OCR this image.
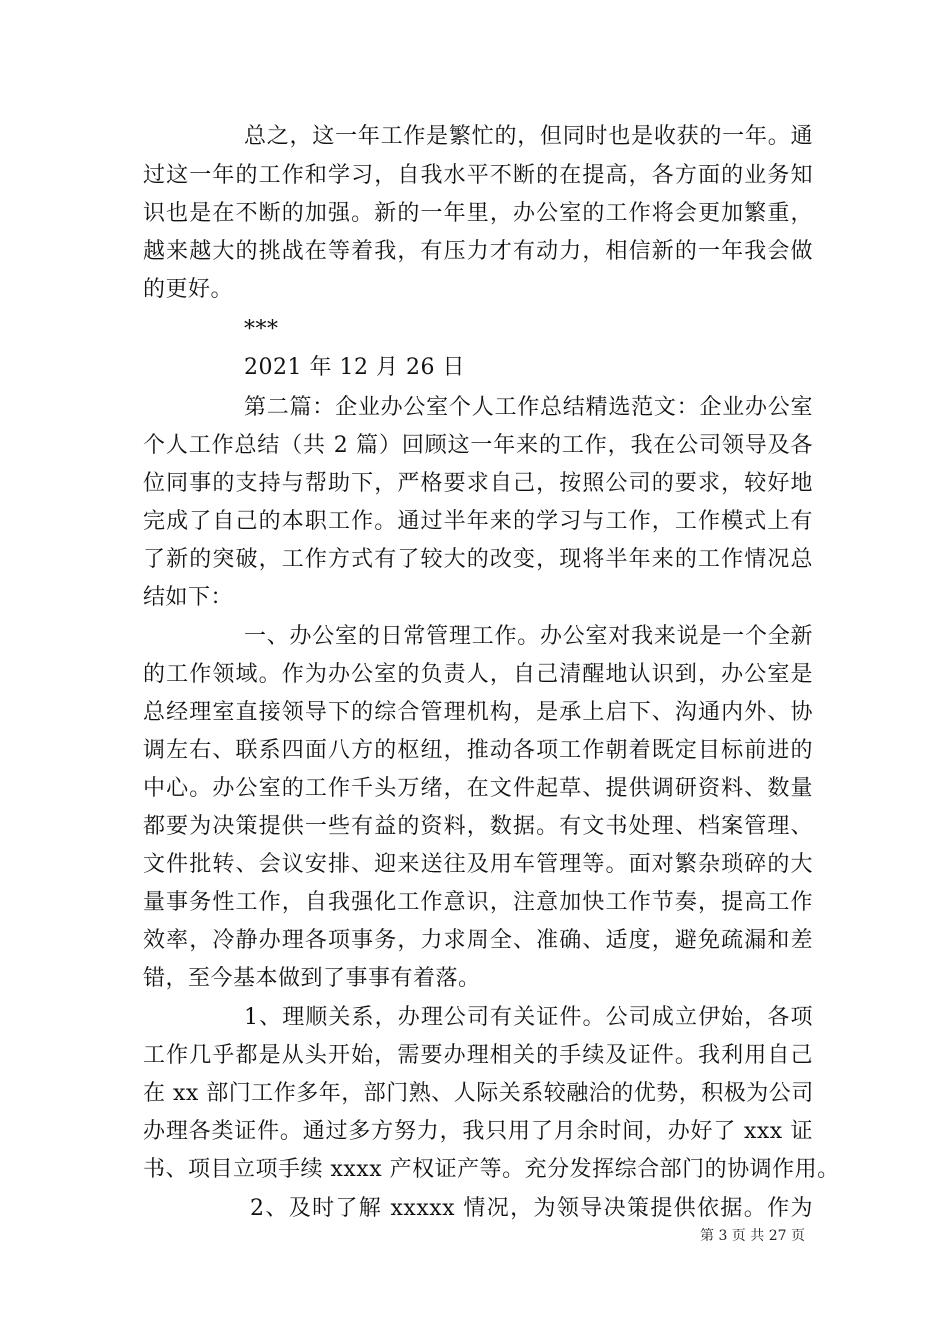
总之，这一年工作是繁忙的，但同时也是收获的一年。通
过这一年的工作和学习，自我水平不断的在提高，各方面的业务知
识也是在不断的加强。新的一年里，办公室的工作将会更加繁重，
越来越大的挑战在等着我，有压力才有动力，相信新的一年我会做
的更好。
***
2021 年 12 月 26 日
第二篇：企业办公室个人工作总结精选范文：企业办公室
个人工作总结（共 2 篇）回顾这一年来的工作，我在公司领导及各
位同事的支持与帮助下，严格要求自己，按照公司的要求，较好地
完成了自己的本职工作。通过半年来的学习与工作，工作模式上有
了新的突破，工作方式有了较大的改变，现将半年来的工作情况总
结如下：
一、办公室的日常管理工作。办公室对我来说是一个全新
的工作领域。作为办公室的负责人，自己清醒地认识到，办公室是
总经理室直接领导下的综合管理机构，是承上启下、沟通内外、协
调左右、联系四面八方的枢纽，推动各项工作朝着既定目标前进的
中心。办公室的工作千头万绪，在文件起草、提供调研资料、数量
都要为决策提供一些有益的资料，数据。有文书处理、档案管理、
文件批转、会议安排、迎来送往及用车管理等。面对繁杂琐碎的大
量事务性工作，自我强化工作意识，注意加快工作节奏，提高工作
效率，冷静办理各项事务，力求周全、准确、适度，避免疏漏和差
错，至今基本做到了事事有着落。
1、理顺关系，办理公司有关证件。公司成立伊始，各项
工作几乎都是从头开始，需要办理相关的手续及证件。我利用自己
在 xx 部门工作多年，部门熟、人际关系较融洽的优势，积极为公司
办理各类证件。通过多方努力，我只用了月余时间，办好了 xxx 证
书、项目立项手续 xxxx 产权证产等。充分发挥综合部门的协调作用。
2、及时了解 xxxxx 情况，为领导决策提供依据。作为
第 3 页 共 27 页
